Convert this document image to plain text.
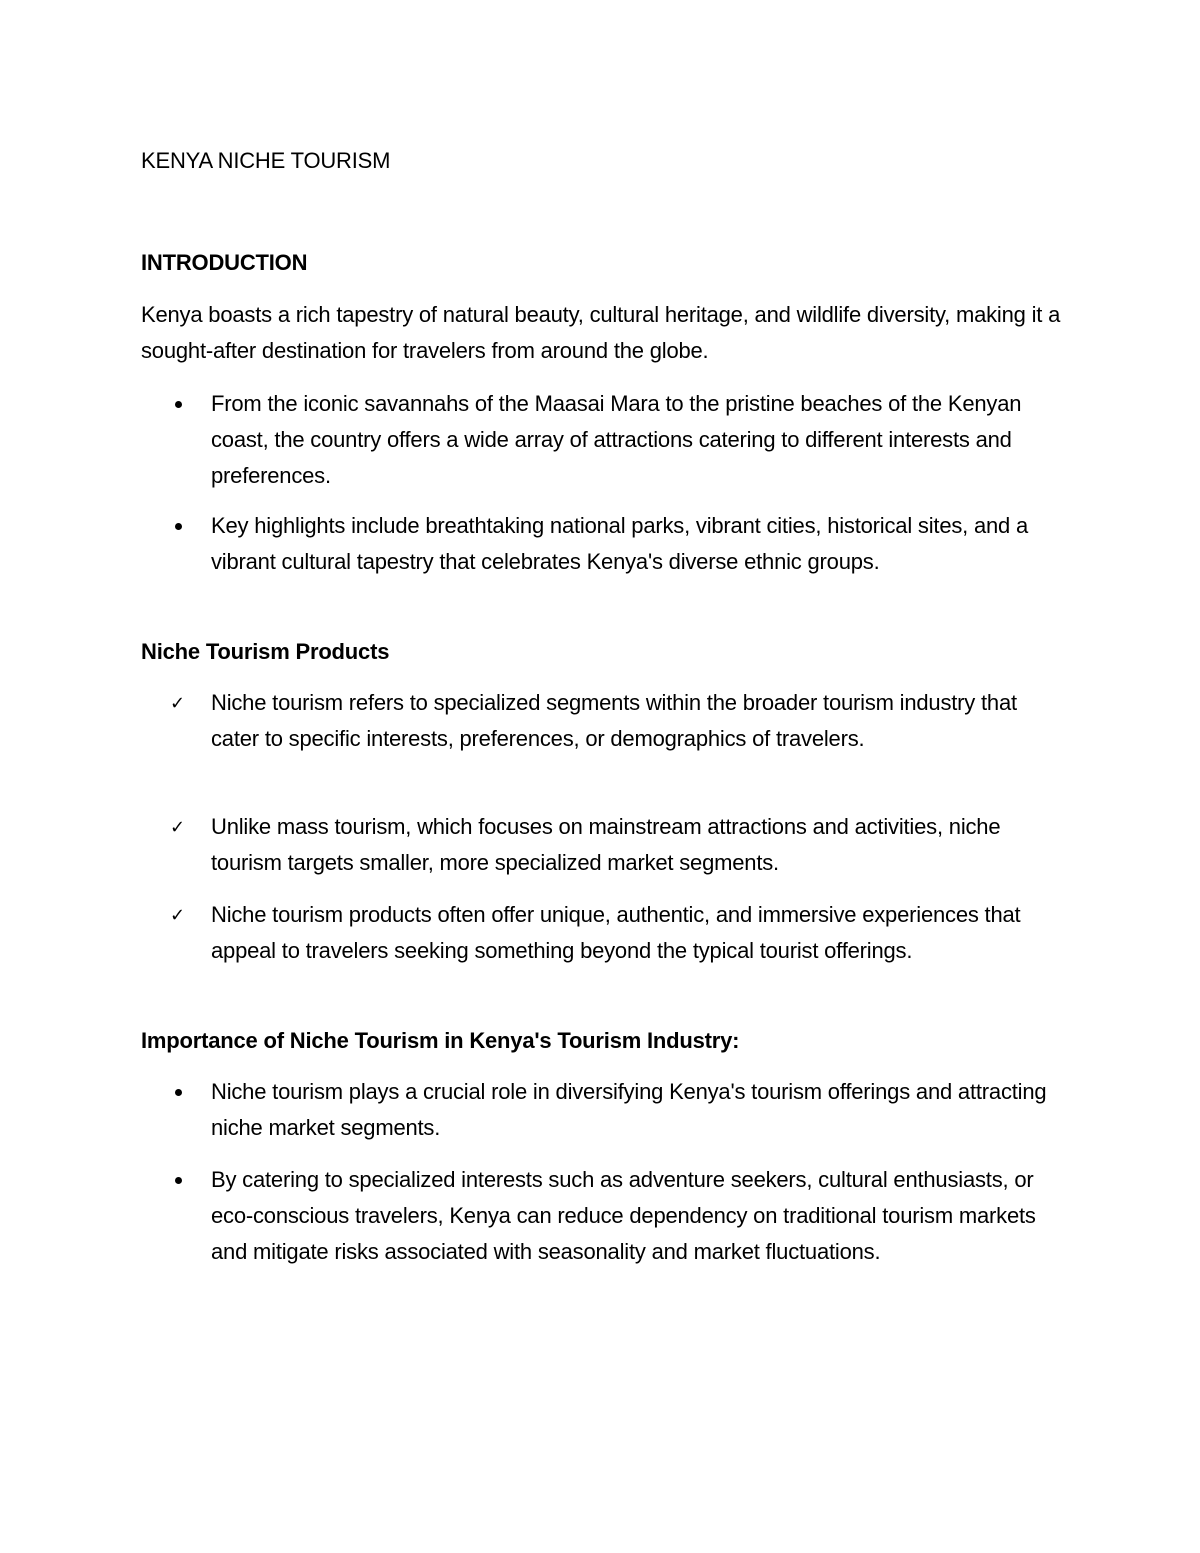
KENYA NICHE TOURISM
INTRODUCTION
Kenya boasts a rich tapestry of natural beauty, cultural heritage, and wildlife diversity, making it a sought-after destination for travelers from around the globe.
From the iconic savannahs of the Maasai Mara to the pristine beaches of the Kenyan coast, the country offers a wide array of attractions catering to different interests and preferences.
Key highlights include breathtaking national parks, vibrant cities, historical sites, and a vibrant cultural tapestry that celebrates Kenya's diverse ethnic groups.
Niche Tourism Products
✓	Niche tourism refers to specialized segments within the broader tourism industry that cater to specific interests, preferences, or demographics of travelers.
✓	Unlike mass tourism, which focuses on mainstream attractions and activities, niche tourism targets smaller, more specialized market segments.
✓	Niche tourism products often offer unique, authentic, and immersive experiences that appeal to travelers seeking something beyond the typical tourist offerings.
Importance of Niche Tourism in Kenya's Tourism Industry:
Niche tourism plays a crucial role in diversifying Kenya's tourism offerings and attracting niche market segments.
By catering to specialized interests such as adventure seekers, cultural enthusiasts, or eco-conscious travelers, Kenya can reduce dependency on traditional tourism markets and mitigate risks associated with seasonality and market fluctuations.
